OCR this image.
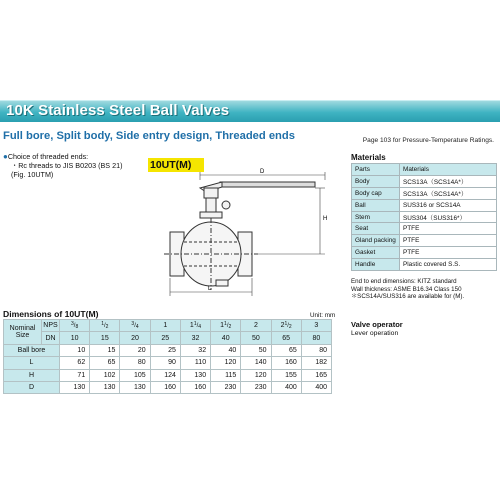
10K Stainless Steel Ball Valves
Full bore, Split body, Side entry design, Threaded ends	Page 103 for Pressure-Temperature Ratings.
●Choice of threaded ends:
・Rc threads to JIS B0203 (BS 21)
(Fig. 10UTM)
10UT(M)
D
H
L
Materials
Parts	Materials
Body	SCS13A（SCS14A*）
Body cap	SCS13A（SCS14A*）
Ball	SUS316 or SCS14A
Stem	SUS304（SUS316*）
Seat	PTFE
Gland packing	PTFE
Gasket	PTFE
Handle	Plastic covered S.S.
End to end dimensions: KITZ standard
Wall thickness: ASME B16.34 Class 150
＊SCS14A/SUS316 are available for (M).
Valve operator
Lever operation
Dimensions of 10UT(M)	Unit: mm
Nominal Size	NPS	$^3/_8$	$^1/_2$	$^3/_4$	1	$1^1/_4$	$1^1/_2$	2	$2^1/_2$	3
	DN	10	15	20	25	32	40	50	65	80
Ball bore		10	15	20	25	32	40	50	65	80
L		62	65	80	90	110	120	140	160	182
H		71	102	105	124	130	115	120	155	165
D		130	130	130	160	160	230	230	400	400
